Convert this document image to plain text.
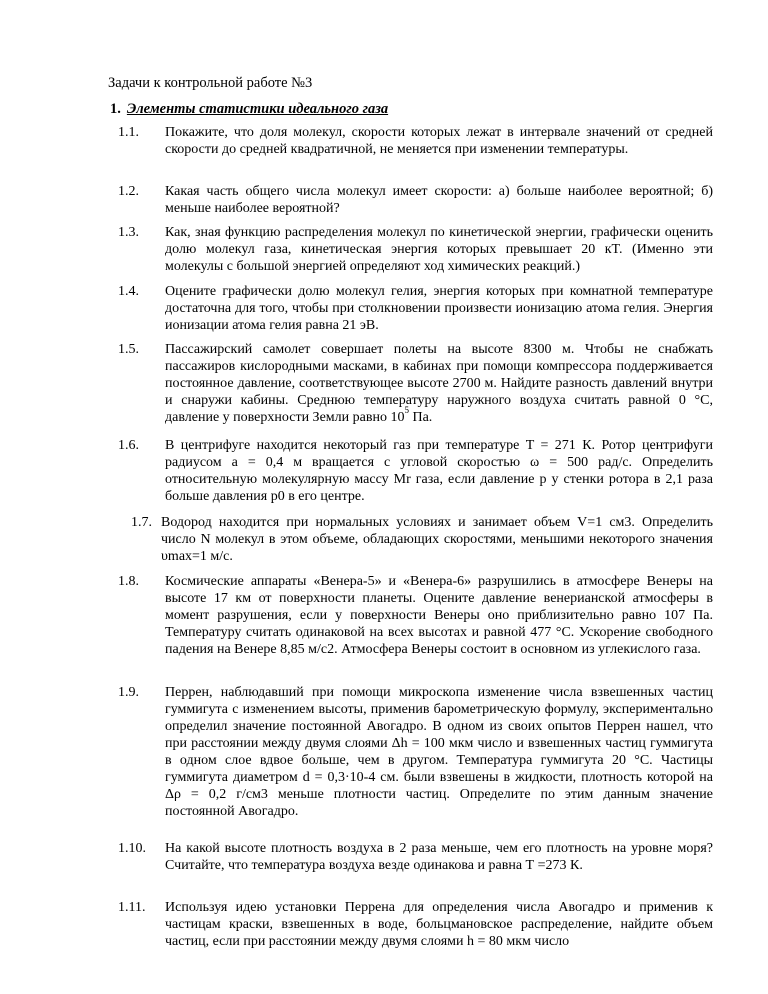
Задачи к контрольной работе №3
1. Элементы статистики идеального газа
1.1. Покажите, что доля молекул, скорости которых лежат в интервале значений от средней скорости до средней квадратичной, не меняется при изменении температуры.
1.2. Какая часть общего числа молекул имеет скорости: а) больше наиболее вероятной; б) меньше наиболее вероятной?
1.3. Как, зная функцию распределения молекул по кинетической энергии, графически оценить долю молекул газа, кинетическая энергия которых превышает 20 кT. (Именно эти молекулы с большой энергией определяют ход химических реакций.)
1.4. Оцените графически долю молекул гелия, энергия которых при комнатной температуре достаточна для того, чтобы при столкновении произвести ионизацию атома гелия. Энергия ионизации атома гелия равна 21 эВ.
1.5. Пассажирский самолет совершает полеты на высоте 8300 м. Чтобы не снабжать пассажиров кислородными масками, в кабинах при помощи компрессора поддерживается постоянное давление, соответствующее высоте 2700 м. Найдите разность давлений внутри и снаружи кабины. Среднюю температуру наружного воздуха считать равной 0 °С, давление у поверхности Земли равно $10^5$ Па.
1.6. В центрифуге находится некоторый газ при температуре T = 271 К. Ротор центрифуги радиусом a = 0,4 м вращается с угловой скоростью ω = 500 рад/с. Определить относительную молекулярную массу Mr газа, если давление р у стенки ротора в 2,1 раза больше давления p0 в его центре.
1.7. Водород находится при нормальных условиях и занимает объем V=1 см3. Определить число N молекул в этом объеме, обладающих скоростями, меньшими некоторого значения υmax=1 м/с.
1.8. Космические аппараты «Венера-5» и «Венера-6» разрушились в атмосфере Венеры на высоте 17 км от поверхности планеты. Оцените давление венерианской атмосферы в момент разрушения, если у поверхности Венеры оно приблизительно равно 107 Па. Температуру считать одинаковой на всех высотах и равной 477 °С. Ускорение свободного падения на Венере 8,85 м/с2. Атмосфера Венеры состоит в основном из углекислого газа.
1.9. Перрен, наблюдавший при помощи микроскопа изменение числа взвешенных частиц гуммигута с изменением высоты, применив барометрическую формулу, экспериментально определил значение постоянной Авогадро. В одном из своих опытов Перрен нашел, что при расстоянии между двумя слоями Δh = 100 мкм число и взвешенных частиц гуммигута в одном слое вдвое больше, чем в другом. Температура гуммигута 20 °С. Частицы гуммигута диаметром d = 0,3·10-4 см. были взвешены в жидкости, плотность которой на Δρ = 0,2 г/см3 меньше плотности частиц. Определите по этим данным значение постоянной Авогадро.
1.10. На какой высоте плотность воздуха в 2 раза меньше, чем его плотность на уровне моря? Считайте, что температура воздуха везде одинакова и равна Т =273 К.
1.11. Используя идею установки Перрена для определения числа Авогадро и применив к частицам краски, взвешенных в воде, больцмановское распределение, найдите объем частиц, если при расстоянии между двумя слоями h = 80 мкм число
